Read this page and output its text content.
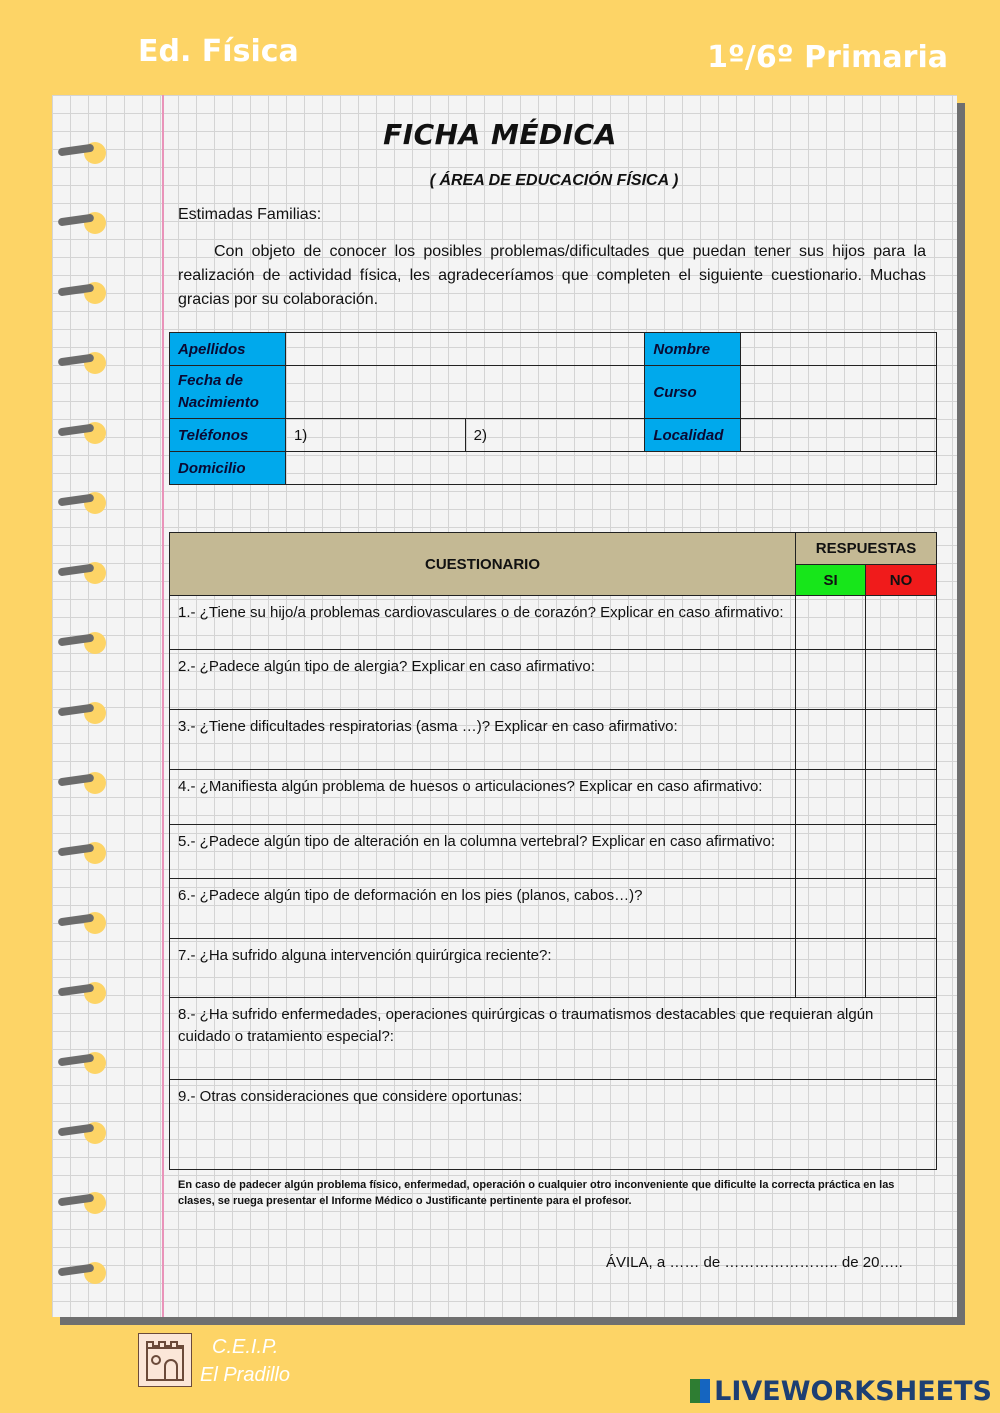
Ed. Física	1º/6º Primaria
FICHA MÉDICA
( ÁREA DE EDUCACIÓN FÍSICA )
Estimadas Familias:
Con objeto de conocer los posibles problemas/dificultades que puedan tener sus hijos para la realización de actividad física, les agradeceríamos que completen el siguiente cuestionario. Muchas gracias por su colaboración.
Apellidos			Nombre	
Fecha de Nacimiento			Curso	
Teléfonos	1)	2)	Localidad	
Domicilio				
CUESTIONARIO	RESPUESTAS	
	SI	NO
1.- ¿Tiene su hijo/a problemas cardiovasculares o de corazón? Explicar en caso afirmativo:		
2.- ¿Padece algún tipo de alergia? Explicar en caso afirmativo:		
3.- ¿Tiene dificultades respiratorias (asma …)? Explicar en caso afirmativo:		
4.- ¿Manifiesta algún problema de huesos o articulaciones? Explicar en caso afirmativo:		
5.- ¿Padece algún tipo de alteración en la columna vertebral? Explicar en caso afirmativo:		
6.- ¿Padece algún tipo de deformación en los pies (planos, cabos…)?		
7.- ¿Ha sufrido alguna intervención quirúrgica reciente?:		
8.- ¿Ha sufrido enfermedades, operaciones quirúrgicas o traumatismos destacables que requieran algún cuidado o tratamiento especial?:		
9.- Otras consideraciones que considere oportunas:		
En caso de padecer algún problema físico, enfermedad, operación o cualquier otro inconveniente que dificulte la correcta práctica en las clases, se ruega presentar el Informe Médico o Justificante pertinente para el profesor.
ÁVILA, a …… de ………………….. de 20…..
C.E.I.P.
El Pradillo
LIVEWORKSHEETS
